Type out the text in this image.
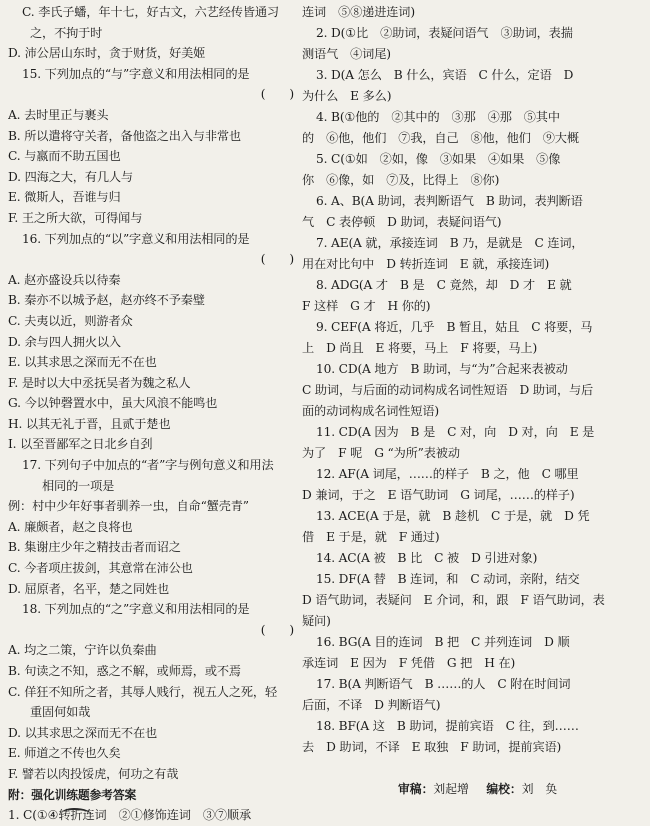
C. 李氏子蟠，年十七，好古文，六艺经传皆通习
之，不拘于时
D. 沛公居山东时，贪于财货，好美姬
15. 下列加点的“与”字意义和用法相同的是
(　　)
A. 去时里正与裹头
B. 所以遣将守关者，备他盗之出入与非常也
C. 与嬴而不助五国也
D. 四海之大，有几人与
E. 微斯人，吾谁与归
F. 王之所大欲，可得闻与
16. 下列加点的“以”字意义和用法相同的是
(　　)
A. 赵亦盛设兵以待秦
B. 秦亦不以城予赵，赵亦终不予秦璧
C. 夫夷以近，则游者众
D. 余与四人拥火以入
E. 以其求思之深而无不在也
F. 是时以大中丞抚吴者为魏之私人
G. 今以钟磬置水中，虽大风浪不能鸣也
H. 以其无礼于晋，且贰于楚也
I. 以至晋鄙军之日北乡自刭
17. 下列句子中加点的“者”字与例句意义和用法
相同的一项是
例：村中少年好事者驯养一虫，自命“蟹壳青”
A. 廉颇者，赵之良将也
B. 集谢庄少年之精技击者而诏之
C. 今者项庄拔剑，其意常在沛公也
D. 屈原者，名平，楚之同姓也
18. 下列加点的“之”字意义和用法相同的是
(　　)
A. 均之二策，宁许以负秦曲
B. 句读之不知，惑之不解，或师焉，或不焉
C. 佯狂不知所之者，其辱人贱行，视五人之死，轻
重固何如哉
D. 以其求思之深而无不在也
E. 师道之不传也久矣
F. 譬若以肉投馁虎，何功之有哉
附：强化训练题参考答案
1. C(①④转折连词　②①修饰连词　③⑦顺承
连词　⑤⑧递进连词)
2. D(①比　②助词，表疑问语气　③助词，表揣
测语气　④词尾)
3. D(A 怎么　B 什么，宾语　C 什么，定语　D
为什么　E 多么)
4. B(①他的　②其中的　③那　④那　⑤其中
的　⑥他，他们　⑦我，自己　⑧他，他们　⑨大概
5. C(①如　②如，像　③如果　④如果　⑤像
你　⑥像，如　⑦及，比得上　⑧你)
6. A、B(A 助词，表判断语气　B 助词，表判断语
气　C 表停顿　D 助词，表疑问语气)
7. AE(A 就，承接连词　B 乃，是就是　C 连词，
用在对比句中　D 转折连词　E 就，承接连词)
8. ADG(A 才　B 是　C 竟然，却　D 才　E 就
F 这样　G 才　H 你的)
9. CEF(A 将近，几乎　B 暂且，姑且　C 将要，马
上　D 尚且　E 将要，马上　F 将要，马上)
10. CD(A 地方　B 助词，与“为”合起来表被动
C 助词，与后面的动词构成名词性短语　D 助词，与后
面的动词构成名词性短语)
11. CD(A 因为　B 是　C 对，向　D 对，向　E 是
为了　F 呢　G “为所”表被动
12. AF(A 词尾，……的样子　B 之，他　C 哪里
D 兼词，于之　E 语气助词　G 词尾，……的样子)
13. ACE(A 于是，就　B 趁机　C 于是，就　D 凭
借　E 于是，就　F 通过)
14. AC(A 被　B 比　C 被　D 引进对象)
15. DF(A 替　B 连词，和　C 动词，亲附，结交
D 语气助词，表疑问　E 介词，和，跟　F 语气助词，表
疑问)
16. BG(A 目的连词　B 把　C 并列连词　D 顺
承连词　E 因为　F 凭借　G 把　H 在)
17. B(A 判断语气　B ……的人　C 附在时间词
后面，不译　D 判断语气)
18. BF(A 这　B 助词，提前宾语　C 往，到……
去　D 助词，不译　E 取独　F 助词，提前宾语)
审稿：刘起增 编校：刘　奂
